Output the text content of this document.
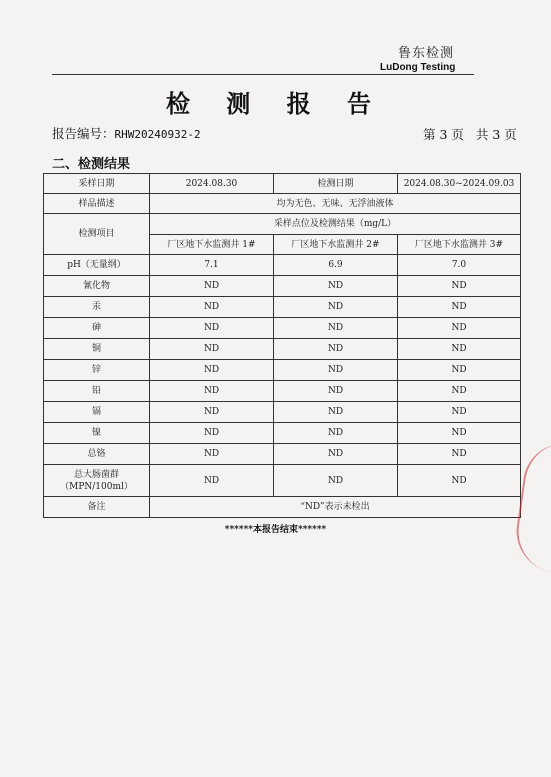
鲁东检测
LuDong Testing
检 测 报 告
报告编号：RHW20240932-2	第 3 页 共 3 页
二、检测结果
采样日期	2024.08.30	检测日期	2024.08.30~2024.09.03
样品描述	均为无色、无味、无浮油液体		
检测项目	采样点位及检测结果（mg/L）		
	厂区地下水监测井 1#	厂区地下水监测井 2#	厂区地下水监测井 3#
pH（无量纲）	7.1	6.9	7.0
氰化物	ND	ND	ND
汞	ND	ND	ND
砷	ND	ND	ND
铜	ND	ND	ND
锌	ND	ND	ND
铅	ND	ND	ND
镉	ND	ND	ND
镍	ND	ND	ND
总铬	ND	ND	ND

总大肠菌群
（MPN/100ml）	ND	ND	ND
备注	“ND”表示未检出		
******本报告结束******
